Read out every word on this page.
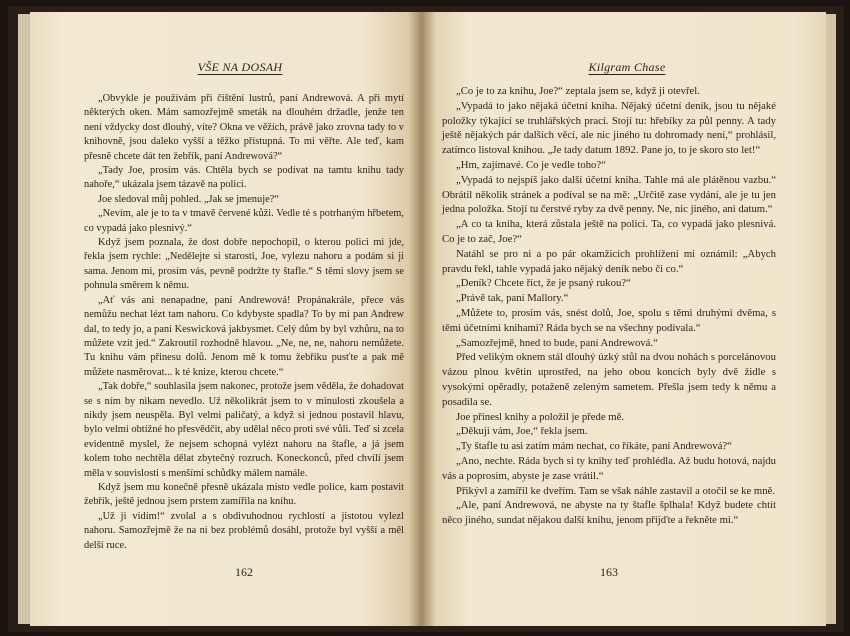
VŠE NA DOSAH

„Obvykle je používám při čištění lustrů, paní Andrewová. A při mytí některých oken. Mám samozřejmě smeták na dlouhém držadle, jenže ten není vždycky dost dlouhý, víte? Okna ve věžích, právě jako zrovna tady to v knihovně, jsou daleko vyšší a těžko přístupná. To mi věřte. Ale teď, kam přesně chcete dát ten žebřík, paní Andrewová?“

„Tady Joe, prosím vás. Chtěla bych se podívat na tamtu knihu tady nahoře,“ ukázala jsem tázavě na polici.

Joe sledoval můj pohled. „Jak se jmenuje?“

„Nevím, ale je to ta v tmavě červené kůži. Vedle té s potrhaným hřbetem, co vypadá jako plesnivý.“

Když jsem poznala, že dost dobře nepochopil, o kterou polici mi jde, řekla jsem rychle: „Nedělejte si starosti, Joe, vylezu nahoru a podám si ji sama. Jenom mi, prosím vás, pevně podržte ty štafle.“ S těmi slovy jsem se pohnula směrem k němu.

„Ať vás ani nenapadne, paní Andrewová! Propánakrále, přece vás nemůžu nechat lézt tam nahoru. Co kdybyste spadla? To by mi pan Andrew dal, to tedy jo, a paní Keswicková jakbysmet. Celý dům by byl vzhůru, na to můžete vzít jed.“ Zakroutil rozhodně hlavou. „Ne, ne, ne, nahoru nemůžete. Tu knihu vám přinesu dolů. Jenom mě k tomu žebříku pusťte a pak mě můžete nasměrovat... k té knize, kterou chcete.“

„Tak dobře,“ souhlasila jsem nakonec, protože jsem věděla, že dohadovat se s ním by nikam nevedlo. Už několikrát jsem to v minulosti zkoušela a nikdy jsem neuspěla. Byl velmi paličatý, a když si jednou postavil hlavu, bylo velmi obtížné ho přesvědčit, aby udělal něco proti své vůli. Teď si zcela evidentně myslel, že nejsem schopná vylézt nahoru na štafle, a já jsem kolem toho nechtěla dělat zbytečný rozruch. Koneckonců, před chvílí jsem měla v souvislosti s menšími schůdky málem namále.

Když jsem mu konečně přesně ukázala místo vedle police, kam postavit žebřík, ještě jednou jsem prstem zamířila na knihu.

„Už ji vidím!“ zvolal a s obdivuhodnou rychlostí a jistotou vylezl nahoru. Samozřejmě že na ni bez problémů dosáhl, protože byl vyšší a měl delší ruce.

162
Kilgram Chase

„Co je to za knihu, Joe?“ zeptala jsem se, když ji otevřel.

„Vypadá to jako nějaká účetní kniha. Nějaký účetní deník, jsou tu nějaké položky týkající se truhlářských prací. Stojí tu: hřebíky za půl penny. A tady ještě nějakých pár dalších věcí, ale nic jiného tu dohromady není,“ prohlásil, zatímco listoval knihou. „Je tady datum 1892. Pane jo, to je skoro sto let!“

„Hm, zajímavé. Co je vedle toho?“

„Vypadá to nejspíš jako další účetní kniha. Tahle má ale plátěnou vazbu.“ Obrátil několik stránek a podíval se na mě: „Určitě zase vydání, ale je tu jen jedna položka. Stojí tu čerstvé ryby za dvě penny. Ne, nic jiného, ani datum.“

„A co ta kniha, která zůstala ještě na polici. Ta, co vypadá jako plesnivá. Co je to zač, Joe?“

Natáhl se pro ni a po pár okamžicích prohlížení mi oznámil: „Abych pravdu řekl, tahle vypadá jako nějaký deník nebo či co.“

„Deník? Chcete říct, že je psaný rukou?“

„Právě tak, paní Mallory.“

„Můžete to, prosím vás, snést dolů, Joe, spolu s těmi druhými dvěma, s těmi účetními knihami? Ráda bych se na všechny podívala.“

„Samozřejmě, hned to bude, paní Andrewová.“

Před velikým oknem stál dlouhý úzký stůl na dvou nohách s porcelánovou vázou plnou květin uprostřed, na jeho obou koncích byly dvě židle s vysokými opěradly, potaženě zeleným sametem. Přešla jsem tedy k němu a posadila se.

Joe přinesl knihy a položil je přede mě.

„Děkuji vám, Joe,“ řekla jsem.

„Ty štafle tu asi zatím mám nechat, co říkáte, paní Andrewová?“

„Ano, nechte. Ráda bych si ty knihy teď prohlédla. Až budu hotová, najdu vás a poprosím, abyste je zase vrátil.“

Přikývl a zamířil ke dveřím. Tam se však náhle zastavil a otočil se ke mně.

„Ale, paní Andrewová, ne abyste na ty štafle šplhala! Když budete chtít něco jiného, sundat nějakou další knihu, jenom přijďte a řekněte mi.“

163
